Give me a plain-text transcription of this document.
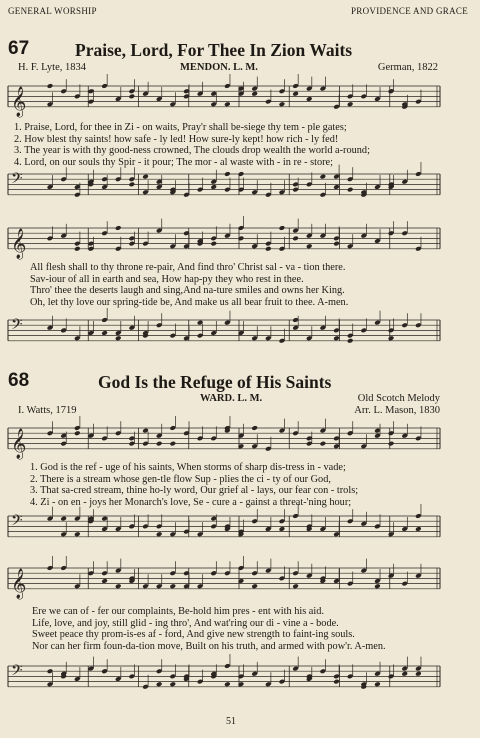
GENERAL WORSHIP	PROVIDENCE AND GRACE
67	Praise, Lord, For Thee In Zion Waits
H. F. Lyte, 1834	MENDON. L. M.	German, 1822
𝄞
1. Praise, Lord, for thee in Zi - on waits, Pray'r shall be-siege thy tem - ple gates;
2. How blest thy saints! how safe - ly led! How sure-ly kept! how rich - ly fed!
3. The year is with thy good-ness crowned, The clouds drop wealth the world a-round;
4. Lord, on our souls thy Spir - it pour; The mor - al waste with - in re - store;
𝄢
𝄞
All flesh shall to thy throne re-pair, And find thro' Christ sal - va - tion there.
Sav-iour of all in earth and sea, How hap-py they who rest in thee.
Thro' thee the deserts laugh and sing,And na-ture smiles and owns her King.
Oh, let thy love our spring-tide be, And make us all bear fruit to thee. A-men.
𝄢
68	God Is the Refuge of His Saints
WARD. L. M.	Old Scotch Melody
I. Watts, 1719	Arr. L. Mason, 1830
𝄞
1. God is the ref - uge of his saints, When storms of sharp dis-tress in - vade;
2. There is a stream whose gen-tle flow Sup - plies the ci - ty of our God,
3. That sa-cred stream, thine ho-ly word, Our grief al - lays, our fear con - trols;
4. Zi - on en - joys her Monarch's love, Se - cure a - gainst a threat-'ning hour;
𝄢
𝄞
Ere we can of - fer our complaints, Be-hold him pres - ent with his aid.
Life, love, and joy, still glid - ing thro', And wat'ring our di - vine a - bode.
Sweet peace thy prom-is-es af - ford, And give new strength to faint-ing souls.
Nor can her firm foun-da-tion move, Built on his truth, and armed with pow'r. A-men.
𝄢
51
